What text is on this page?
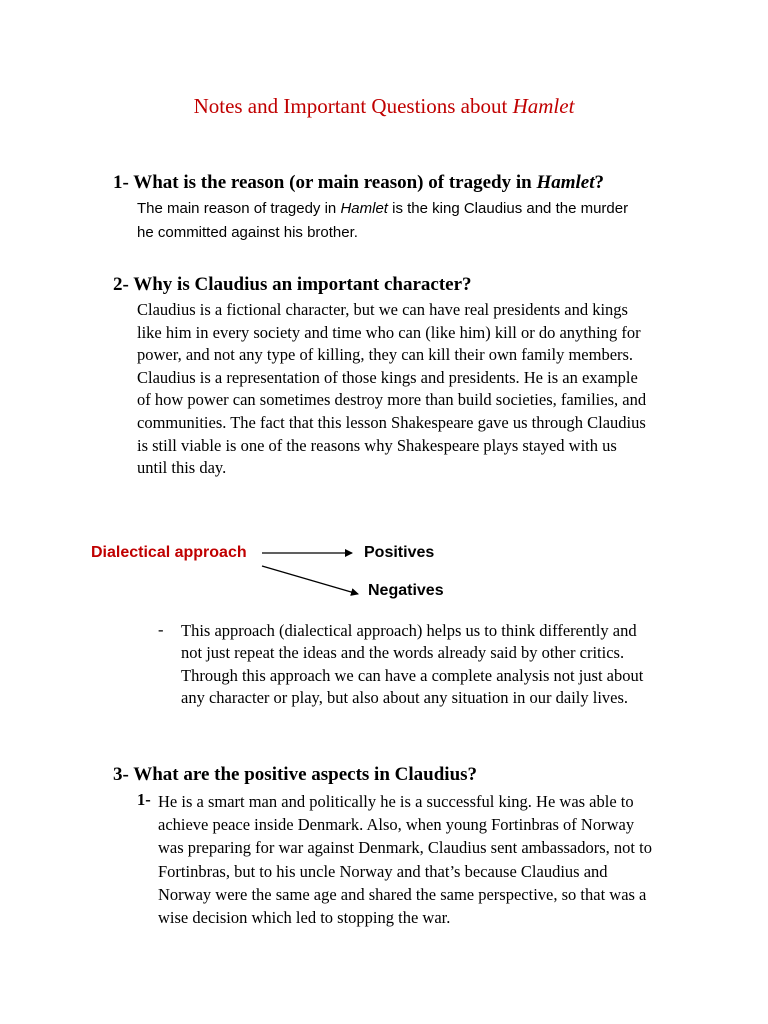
Notes and Important Questions about Hamlet
1- What is the reason (or main reason) of tragedy in Hamlet?
The main reason of tragedy in Hamlet is the king Claudius and the murder
he committed against his brother.
2- Why is Claudius an important character?
Claudius is a fictional character, but we can have real presidents and kings
like him in every society and time who can (like him) kill or do anything for
power, and not any type of killing, they can kill their own family members.
Claudius is a representation of those kings and presidents. He is an example
of how power can sometimes destroy more than build societies, families, and
communities. The fact that this lesson Shakespeare gave us through Claudius
is still viable is one of the reasons why Shakespeare plays stayed with us
until this day.
Dialectical approach	Positives
Negatives
- This approach (dialectical approach) helps us to think differently and
not just repeat the ideas and the words already said by other critics.
Through this approach we can have a complete analysis not just about
any character or play, but also about any situation in our daily lives.
3- What are the positive aspects in Claudius?
1- He is a smart man and politically he is a successful king. He was able to
achieve peace inside Denmark. Also, when young Fortinbras of Norway
was preparing for war against Denmark, Claudius sent ambassadors, not to
Fortinbras, but to his uncle Norway and that’s because Claudius and
Norway were the same age and shared the same perspective, so that was a
wise decision which led to stopping the war.
